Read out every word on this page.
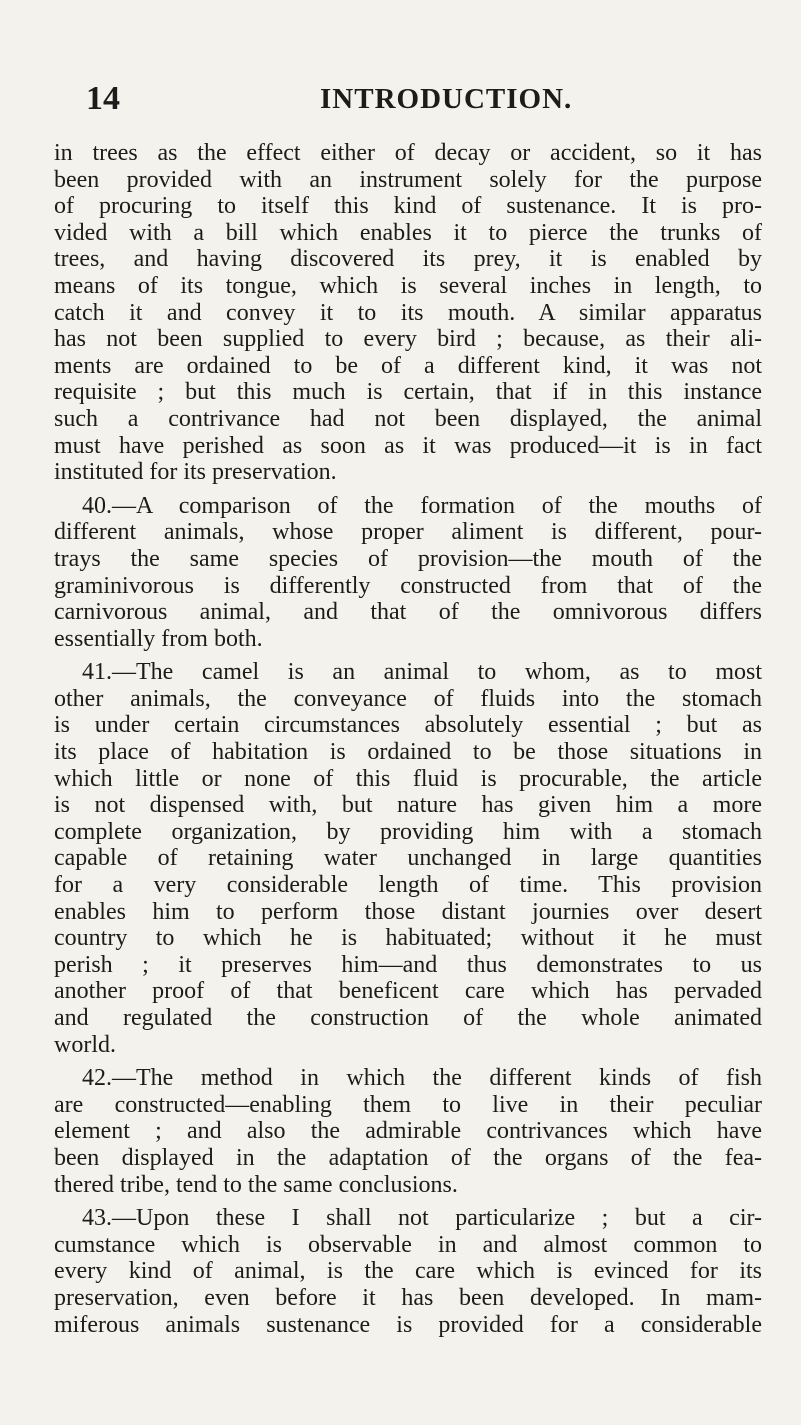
14	INTRODUCTION.
in trees as the effect either of decay or accident, so it has
been provided with an instrument solely for the purpose
of procuring to itself this kind of sustenance. It is pro-
vided with a bill which enables it to pierce the trunks of
trees, and having discovered its prey, it is enabled by
means of its tongue, which is several inches in length, to
catch it and convey it to its mouth. A similar apparatus
has not been supplied to every bird ; because, as their ali-
ments are ordained to be of a different kind, it was not
requisite ; but this much is certain, that if in this instance
such a contrivance had not been displayed, the animal
must have perished as soon as it was produced—it is in fact
instituted for its preservation.
40.—A comparison of the formation of the mouths of
different animals, whose proper aliment is different, pour-
trays the same species of provision—the mouth of the
graminivorous is differently constructed from that of the
carnivorous animal, and that of the omnivorous differs
essentially from both.
41.—The camel is an animal to whom, as to most
other animals, the conveyance of fluids into the stomach
is under certain circumstances absolutely essential ; but as
its place of habitation is ordained to be those situations in
which little or none of this fluid is procurable, the article
is not dispensed with, but nature has given him a more
complete organization, by providing him with a stomach
capable of retaining water unchanged in large quantities
for a very considerable length of time. This provision
enables him to perform those distant journies over desert
country to which he is habituated; without it he must
perish ; it preserves him—and thus demonstrates to us
another proof of that beneficent care which has pervaded
and regulated the construction of the whole animated
world.
42.—The method in which the different kinds of fish
are constructed—enabling them to live in their peculiar
element ; and also the admirable contrivances which have
been displayed in the adaptation of the organs of the fea-
thered tribe, tend to the same conclusions.
43.—Upon these I shall not particularize ; but a cir-
cumstance which is observable in and almost common to
every kind of animal, is the care which is evinced for its
preservation, even before it has been developed. In mam-
miferous animals sustenance is provided for a considerable
